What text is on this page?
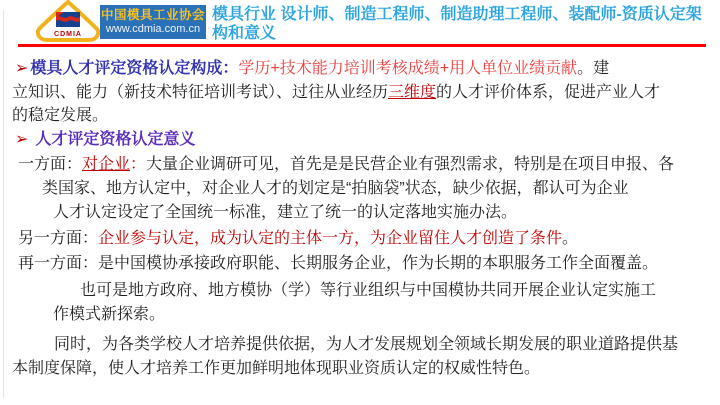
CDMIA
中国模具工业协会
www.cdmia.com.cn
模具行业 设计师、制造工程师、制造助理工程师、装配师-资质认定架
构和意义
➢ 模具人才评定资格认定构成：学历+技术能力培训考核成绩+用人单位业绩贡献。建
立知识、能力（新技术特征培训考试）、过往从业经历三维度的人才评价体系，促进产业人才
的稳定发展。
➢ 人才评定资格认定意义
一方面：对企业：大量企业调研可见，首先是是民营企业有强烈需求，特别是在项目申报、各
类国家、地方认定中，对企业人才的划定是“拍脑袋”状态，缺少依据，都认可为企业
人才认定设定了全国统一标准，建立了统一的认定落地实施办法。
另一方面：企业参与认定，成为认定的主体一方，为企业留住人才创造了条件。
再一方面：是中国模协承接政府职能、长期服务企业，作为长期的本职服务工作全面覆盖。
也可是地方政府、地方模协（学）等行业组织与中国模协共同开展企业认定实施工
作模式新探索。
同时，为各类学校人才培养提供依据，为人才发展规划全领域长期发展的职业道路提供基
本制度保障，使人才培养工作更加鲜明地体现职业资质认定的权威性特色。
